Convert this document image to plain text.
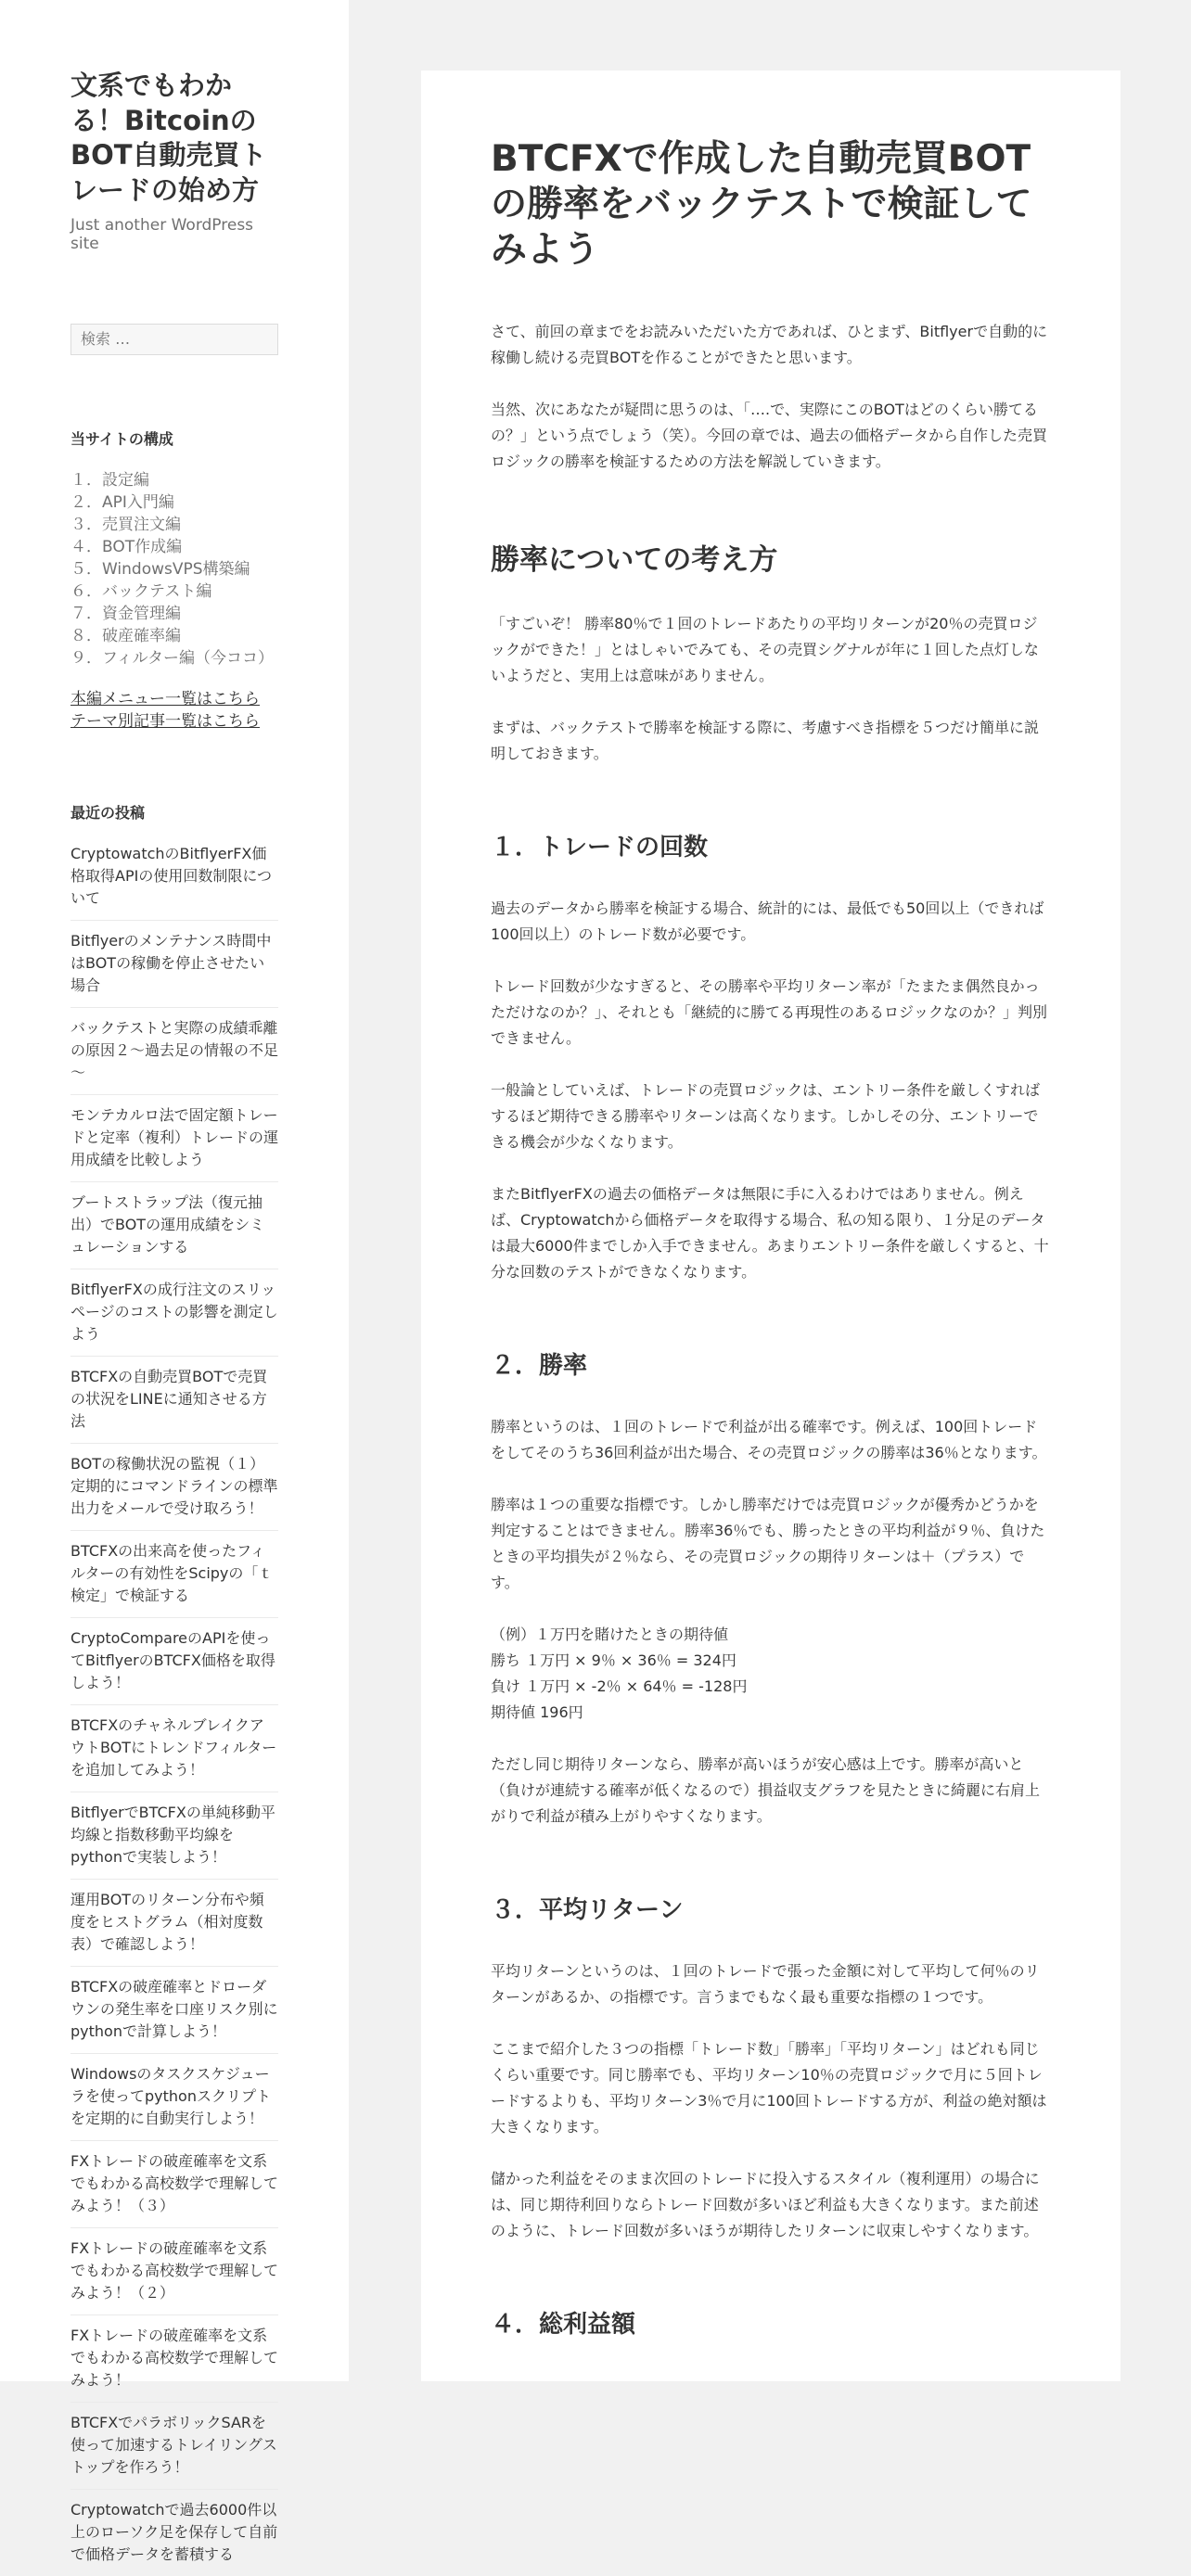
文系でもわかる！BitcoinのBOT自動売買トレードの始め方

Just another WordPress site

検索 …
当サイトの構成
１．設定編
２．API入門編
３．売買注文編
４．BOT作成編
５．WindowsVPS構築編
６．バックテスト編
７．資金管理編
８．破産確率編
９．フィルター編（今ココ）
本編メニュー一覧はこちら
テーマ別記事一覧はこちら
最近の投稿
CryptowatchのBitflyerFX価格取得APIの使用回数制限について
Bitflyerのメンテナンス時間中はBOTの稼働を停止させたい場合
バックテストと実際の成績乖離の原因２～過去足の情報の不足～
モンテカルロ法で固定額トレードと定率（複利）トレードの運用成績を比較しよう
ブートストラップ法（復元抽出）でBOTの運用成績をシミュレーションする
BitflyerFXの成行注文のスリッページのコストの影響を測定しよう
BTCFXの自動売買BOTで売買の状況をLINEに通知させる方法
BOTの稼働状況の監視（１）定期的にコマンドラインの標準出力をメールで受け取ろう！
BTCFXの出来高を使ったフィルターの有効性をScipyの「ｔ検定」で検証する
CryptoCompareのAPIを使ってBitflyerのBTCFX価格を取得しよう！
BTCFXのチャネルブレイクアウトBOTにトレンドフィルターを追加してみよう！
BitflyerでBTCFXの単純移動平均線と指数移動平均線をpythonで実装しよう！
運用BOTのリターン分布や頻度をヒストグラム（相対度数表）で確認しよう！
BTCFXの破産確率とドローダウンの発生率を口座リスク別にpythonで計算しよう！
Windowsのタスクスケジューラを使ってpythonスクリプトを定期的に自動実行しよう！
FXトレードの破産確率を文系でもわかる高校数学で理解してみよう！（３）
FXトレードの破産確率を文系でもわかる高校数学で理解してみよう！（２）
FXトレードの破産確率を文系でもわかる高校数学で理解してみよう！
BTCFXでパラボリックSARを使って加速するトレイリングストップを作ろう！
Cryptowatchで過去6000件以上のローソク足を保存して自前で価格データを蓄積する
BTCFXで作成した自動売買BOTの勝率をバックテストで検証してみよう

さて、前回の章までをお読みいただいた方であれば、ひとまず、Bitflyerで自動的に稼働し続ける売買BOTを作ることができたと思います。

当然、次にあなたが疑問に思うのは、「….で、実際にこのBOTはどのくらい勝てるの？」という点でしょう（笑）。今回の章では、過去の価格データから自作した売買ロジックの勝率を検証するための方法を解説していきます。

勝率についての考え方

「すごいぞ！ 勝率80％で１回のトレードあたりの平均リターンが20％の売買ロジックができた！」とはしゃいでみても、その売買シグナルが年に１回した点灯しないようだと、実用上は意味がありません。

まずは、バックテストで勝率を検証する際に、考慮すべき指標を５つだけ簡単に説明しておきます。

１．トレードの回数

過去のデータから勝率を検証する場合、統計的には、最低でも50回以上（できれば100回以上）のトレード数が必要です。

トレード回数が少なすぎると、その勝率や平均リターン率が「たまたま偶然良かっただけなのか？」、それとも「継続的に勝てる再現性のあるロジックなのか？」判別できません。

一般論としていえば、トレードの売買ロジックは、エントリー条件を厳しくすればするほど期待できる勝率やリターンは高くなります。しかしその分、エントリーできる機会が少なくなります。

またBitflyerFXの過去の価格データは無限に手に入るわけではありません。例えば、Cryptowatchから価格データを取得する場合、私の知る限り、１分足のデータは最大6000件までしか入手できません。あまりエントリー条件を厳しくすると、十分な回数のテストができなくなります。

２．勝率

勝率というのは、１回のトレードで利益が出る確率です。例えば、100回トレードをしてそのうち36回利益が出た場合、その売買ロジックの勝率は36％となります。

勝率は１つの重要な指標です。しかし勝率だけでは売買ロジックが優秀かどうかを判定することはできません。勝率36％でも、勝ったときの平均利益が９％、負けたときの平均損失が２％なら、その売買ロジックの期待リターンは＋（プラス）です。

（例）１万円を賭けたときの期待値
勝ち １万円 × 9％ × 36％ = 324円
負け １万円 × -2％ × 64％ = -128円
期待値 196円

ただし同じ期待リターンなら、勝率が高いほうが安心感は上です。勝率が高いと（負けが連続する確率が低くなるので）損益収支グラフを見たときに綺麗に右肩上がりで利益が積み上がりやすくなります。

３．平均リターン

平均リターンというのは、１回のトレードで張った金額に対して平均して何％のリターンがあるか、の指標です。言うまでもなく最も重要な指標の１つです。

ここまで紹介した３つの指標「トレード数」「勝率」「平均リターン」はどれも同じくらい重要です。同じ勝率でも、平均リターン10％の売買ロジックで月に５回トレードするよりも、平均リターン3％で月に100回トレードする方が、利益の絶対額は大きくなります。

儲かった利益をそのまま次回のトレードに投入するスタイル（複利運用）の場合には、同じ期待利回りならトレード回数が多いほど利益も大きくなります。また前述のように、トレード回数が多いほうが期待したリターンに収束しやすくなります。

４．総利益額
